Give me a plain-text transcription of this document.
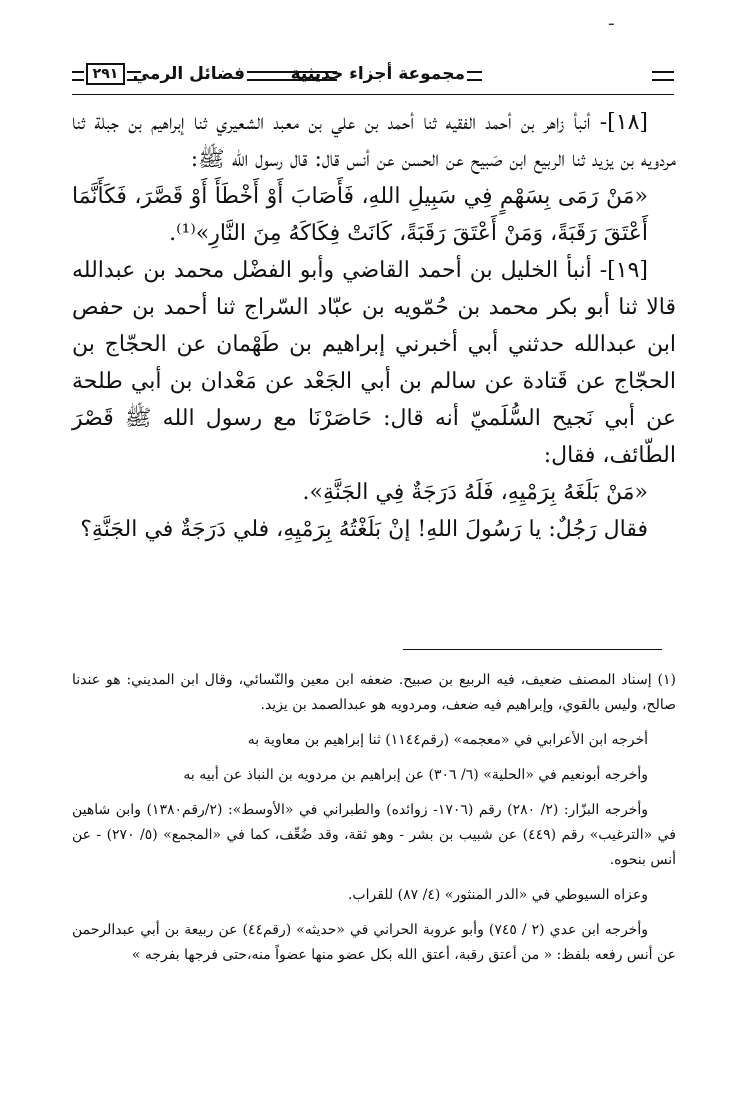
ـ
٢٩١ فضائل الرمي	مجموعة أجزاء حديثية

[١٨]- أنبأ زاهر بن أحمد الفقيه ثنا أحمد بن علي بن معبد الشعيري ثنا إبراهيم بن جبلة ثنا مردويه بن يزيد ثنا الربيع ابن صَبيح عن الحسن عن أنس قال: قال رسول الله ﷺ:

«مَنْ رَمَى بِسَهْمٍ فِي سَبِيلِ اللهِ، فَأَصَابَ أَوْ أَخْطَأَ أَوْ قَصَّرَ، فَكَأَنَّمَا أَعْتَقَ رَقَبَةً، وَمَنْ أَعْتَقَ رَقَبَةً، كَانَتْ فِكَاكَهُ مِنَ النَّارِ»⁽¹⁾.

[١٩]- أنبأ الخليل بن أحمد القاضي وأبو الفضْل محمد بن عبدالله قالا ثنا أبو بكر محمد بن حُمّويه بن عبّاد السّراج ثنا أحمد بن حفص ابن عبدالله حدثني أبي أخبرني إبراهيم بن طَهْمان عن الحجّاج بن الحجّاج عن قَتادة عن سالم بن أبي الجَعْد عن مَعْدان بن أبي طلحة عن أبي نَجيح السُّلَميّ أنه قال: حَاصَرْنَا مع رسول الله ﷺ قَصْرَ الطّائف، فقال:

«مَنْ بَلَغَهُ بِرَمْيِهِ، فَلَهُ دَرَجَةٌ فِي الجَنَّةِ».

فقال رَجُلٌ: يا رَسُولَ اللهِ! إنْ بَلَغْتُهُ بِرَمْيِهِ، فلي دَرَجَةٌ في الجَنَّةِ؟

(١) إسناد المصنف ضعيف، فيه الربيع بن صبيح. ضعفه ابن معين والنّسائي، وقال ابن المديني: هو عندنا صالح، وليس بالقوي، وإبراهيم فيه ضعف، ومردويه هو عبدالصمد بن يزيد.

أخرجه ابن الأعرابي في «معجمه» (رقم١١٤٤) ثنا إبراهيم بن معاوية به

وأخرجه أبونعيم في «الحلية» (٦/ ٣٠٦) عن إبراهيم بن مردويه بن النباذ عن أبيه به

وأخرجه البزّار: (٢/ ٢٨٠) رقم (١٧٠٦- زوائده) والطبراني في «الأوسط»: (٢/رقم١٣٨٠) وابن شاهين في «الترغيب» رقم (٤٤٩) عن شبيب بن بشر - وهو ثقة، وقد ضُعِّف، كما في «المجمع» (٥/ ٢٧٠) - عن أنس بنحوه.

وعزاه السيوطي في «الدر المنثور» (٤/ ٨٧) للقراب.

وأخرجه ابن عدي (٢ / ٧٤٥) وأبو عروبة الحراني في «حديثه» (رقم٤٤) عن ربيعة بن أبي عبدالرحمن عن أنس رفعه بلفظ: « من أعتق رقبة، أعتق الله بكل عضو منها عضواً منه،حتى فرجها بفرجه »
